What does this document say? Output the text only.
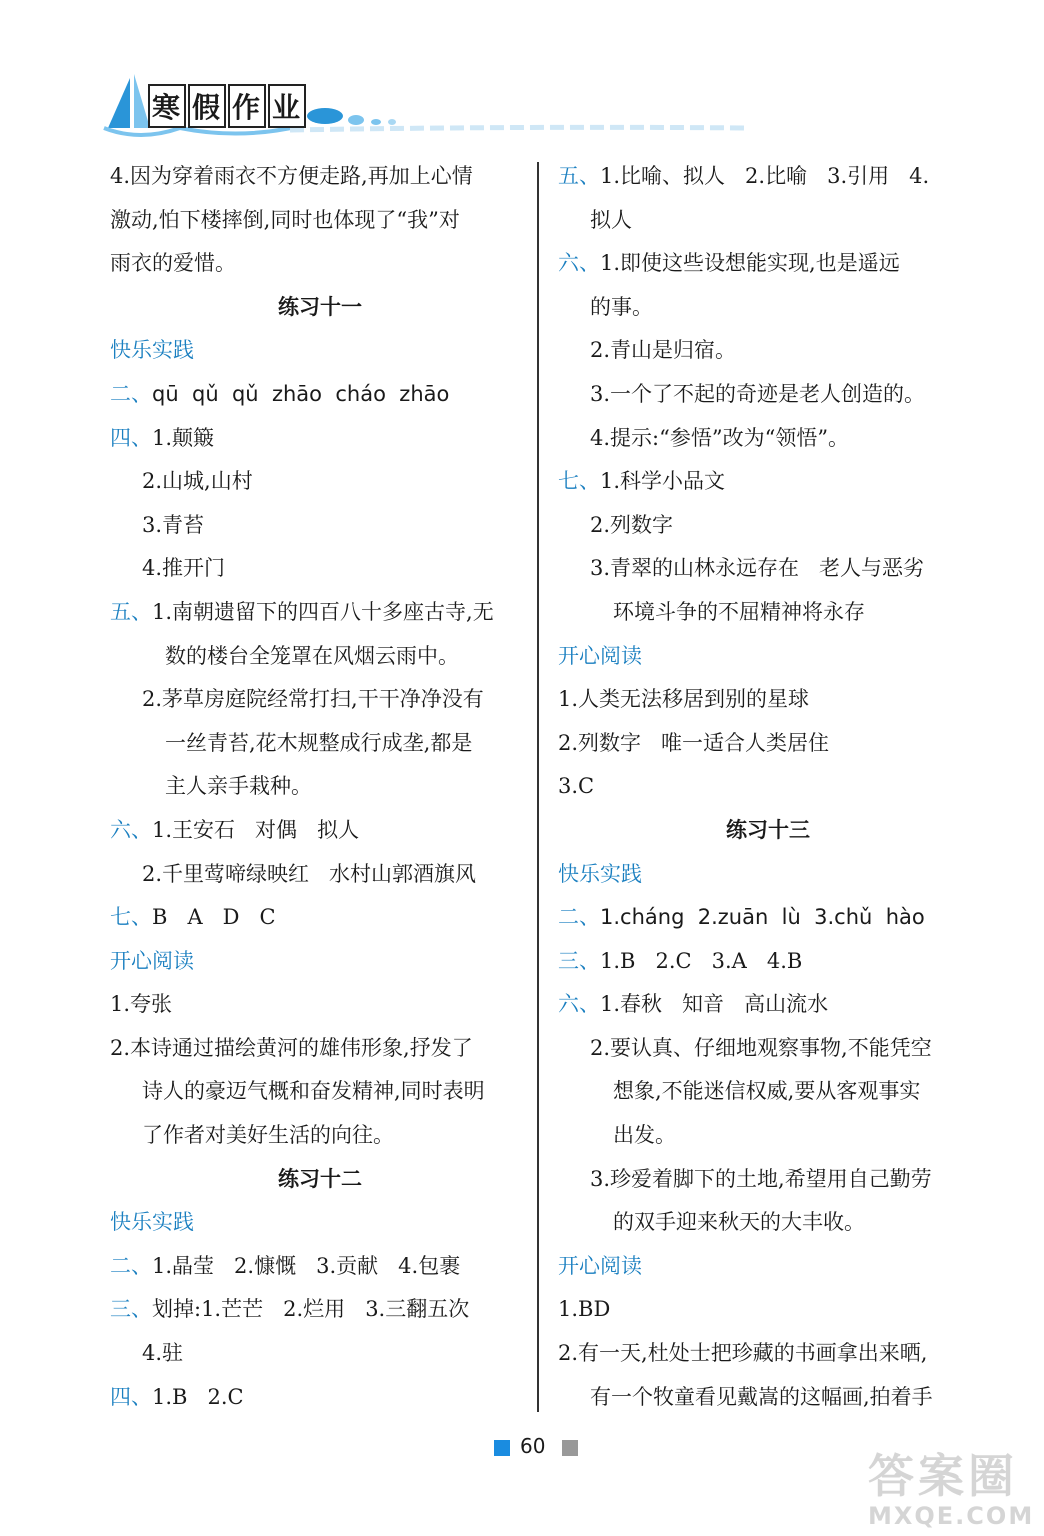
寒 假 作 业
4.因为穿着雨衣不方便走路,再加上心情
激动,怕下楼摔倒,同时也体现了“我”对
雨衣的爱惜。
练习十一
快乐实践
二、qū  qǔ  qǔ  zhāo  cháo  zhāo
四、1.颠簸
2.山城,山村
3.青苔
4.推开门
五、1.南朝遗留下的四百八十多座古寺,无
数的楼台全笼罩在风烟云雨中。
2.茅草房庭院经常打扫,干干净净没有
一丝青苔,花木规整成行成垄,都是
主人亲手栽种。
六、1.王安石   对偶   拟人
2.千里莺啼绿映红   水村山郭酒旗风
七、B   A   D   C
开心阅读
1.夸张
2.本诗通过描绘黄河的雄伟形象,抒发了
诗人的豪迈气概和奋发精神,同时表明
了作者对美好生活的向往。
练习十二
快乐实践
二、1.晶莹   2.慷慨   3.贡献   4.包裹
三、划掉:1.芒芒   2.烂用   3.三翻五次
4.驻
四、1.B   2.C
五、1.比喻、拟人   2.比喻   3.引用   4.
拟人
六、1.即使这些设想能实现,也是遥远
的事。
2.青山是归宿。
3.一个了不起的奇迹是老人创造的。
4.提示:“参悟”改为“领悟”。
七、1.科学小品文
2.列数字
3.青翠的山林永远存在   老人与恶劣
环境斗争的不屈精神将永存
开心阅读
1.人类无法移居到别的星球
2.列数字   唯一适合人类居住
3.C
练习十三
快乐实践
二、1.cháng  2.zuān  lù  3.chǔ  hào
三、1.B   2.C   3.A   4.B
六、1.春秋   知音   高山流水
2.要认真、仔细地观察事物,不能凭空
想象,不能迷信权威,要从客观事实
出发。
3.珍爱着脚下的土地,希望用自己勤劳
的双手迎来秋天的大丰收。
开心阅读
1.BD
2.有一天,杜处士把珍藏的书画拿出来晒,
有一个牧童看见戴嵩的这幅画,拍着手
60
答案圈
MXQE.COM
